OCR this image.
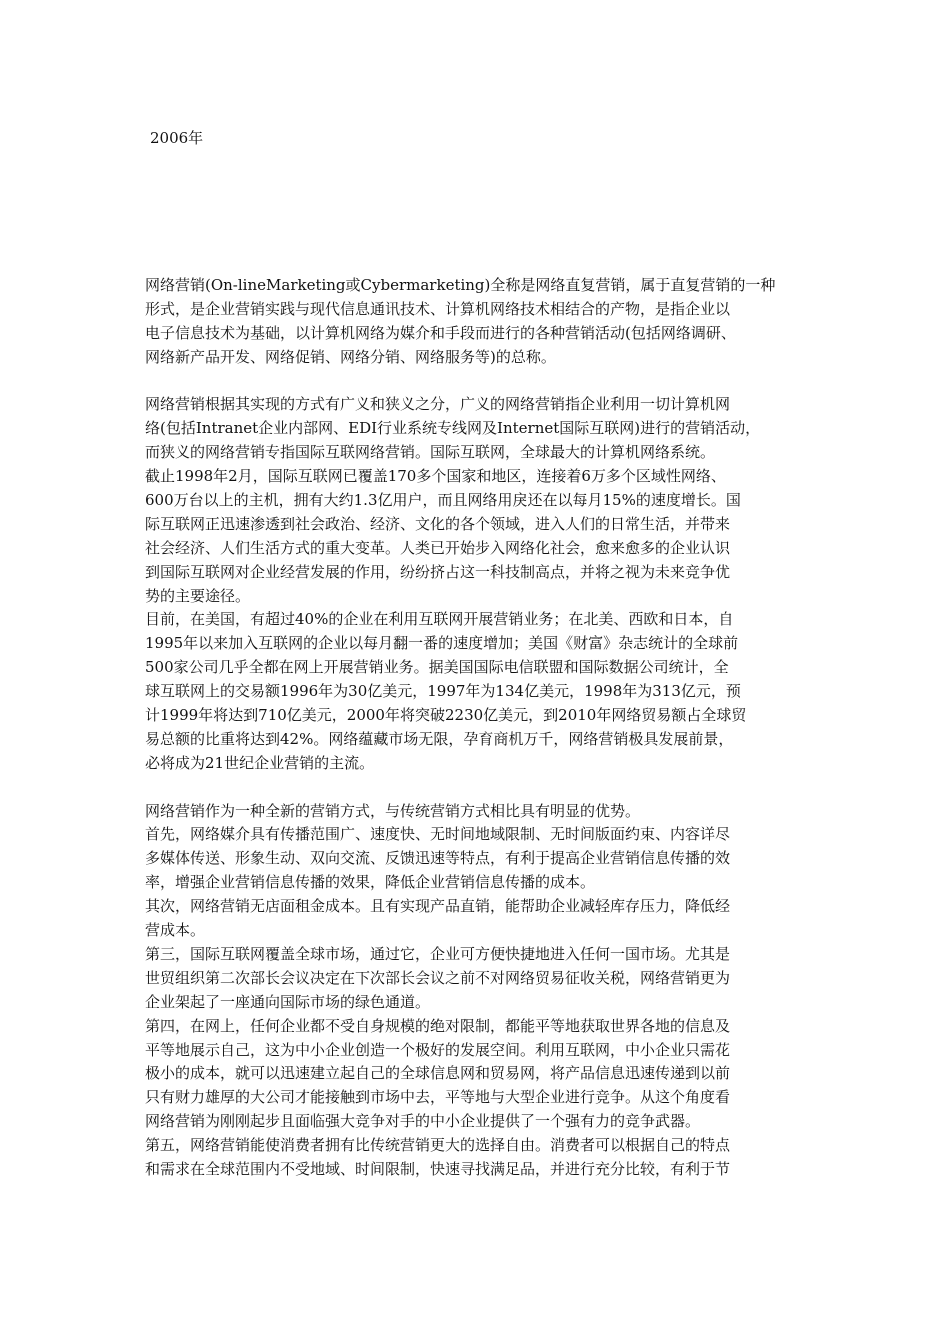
2006年
网络营销(On-lineMarketing或Cybermarketing)全称是网络直复营销，属于直复营销的一种
形式，是企业营销实践与现代信息通讯技术、计算机网络技术相结合的产物，是指企业以
电子信息技术为基础，以计算机网络为媒介和手段而进行的各种营销活动(包括网络调研、
网络新产品开发、网络促销、网络分销、网络服务等)的总称。
网络营销根据其实现的方式有广义和狭义之分，广义的网络营销指企业利用一切计算机网
络(包括Intranet企业内部网、EDI行业系统专线网及Internet国际互联网)进行的营销活动，
而狭义的网络营销专指国际互联网络营销。国际互联网，全球最大的计算机网络系统。
截止1998年2月，国际互联网已覆盖170多个国家和地区，连接着6万多个区域性网络、
600万台以上的主机，拥有大约1.3亿用户，而且网络用戾还在以每月15%的速度增长。国
际互联网正迅速渗透到社会政治、经济、文化的各个领域，进入人们的日常生活，并带来
社会经济、人们生活方式的重大变革。人类已开始步入网络化社会，愈来愈多的企业认识
到国际互联网对企业经营发展的作用，纷纷挤占这一科技制高点，并将之视为未来竞争优
势的主要途径。
目前，在美国，有超过40%的企业在利用互联网开展营销业务；在北美、西欧和日本，自
1995年以来加入互联网的企业以每月翻一番的速度增加；美国《财富》杂志统计的全球前
500家公司几乎全都在网上开展营销业务。据美国国际电信联盟和国际数据公司统计，全
球互联网上的交易额1996年为30亿美元，1997年为134亿美元，1998年为313亿元，预
计1999年将达到710亿美元，2000年将突破2230亿美元，到2010年网络贸易额占全球贸
易总额的比重将达到42%。网络蕴藏市场无限，孕育商机万千，网络营销极具发展前景，
必将成为21世纪企业营销的主流。
网络营销作为一种全新的营销方式，与传统营销方式相比具有明显的优势。
首先，网络媒介具有传播范围广、速度快、无时间地域限制、无时间版面约束、内容详尽
多媒体传送、形象生动、双向交流、反馈迅速等特点，有利于提高企业营销信息传播的效
率，增强企业营销信息传播的效果，降低企业营销信息传播的成本。
其次，网络营销无店面租金成本。且有实现产品直销，能帮助企业减轻库存压力，降低经
营成本。
第三，国际互联网覆盖全球市场，通过它，企业可方便快捷地进入任何一国市场。尤其是
世贸组织第二次部长会议决定在下次部长会议之前不对网络贸易征收关税，网络营销更为
企业架起了一座通向国际市场的绿色通道。
第四，在网上，任何企业都不受自身规模的绝对限制，都能平等地获取世界各地的信息及
平等地展示自己，这为中小企业创造一个极好的发展空间。利用互联网，中小企业只需花
极小的成本，就可以迅速建立起自己的全球信息网和贸易网，将产品信息迅速传递到以前
只有财力雄厚的大公司才能接触到市场中去，平等地与大型企业进行竞争。从这个角度看
网络营销为刚刚起步且面临强大竞争对手的中小企业提供了一个强有力的竞争武器。
第五，网络营销能使消费者拥有比传统营销更大的选择自由。消费者可以根据自己的特点
和需求在全球范围内不受地域、时间限制，快速寻找满足品，并进行充分比较，有利于节
